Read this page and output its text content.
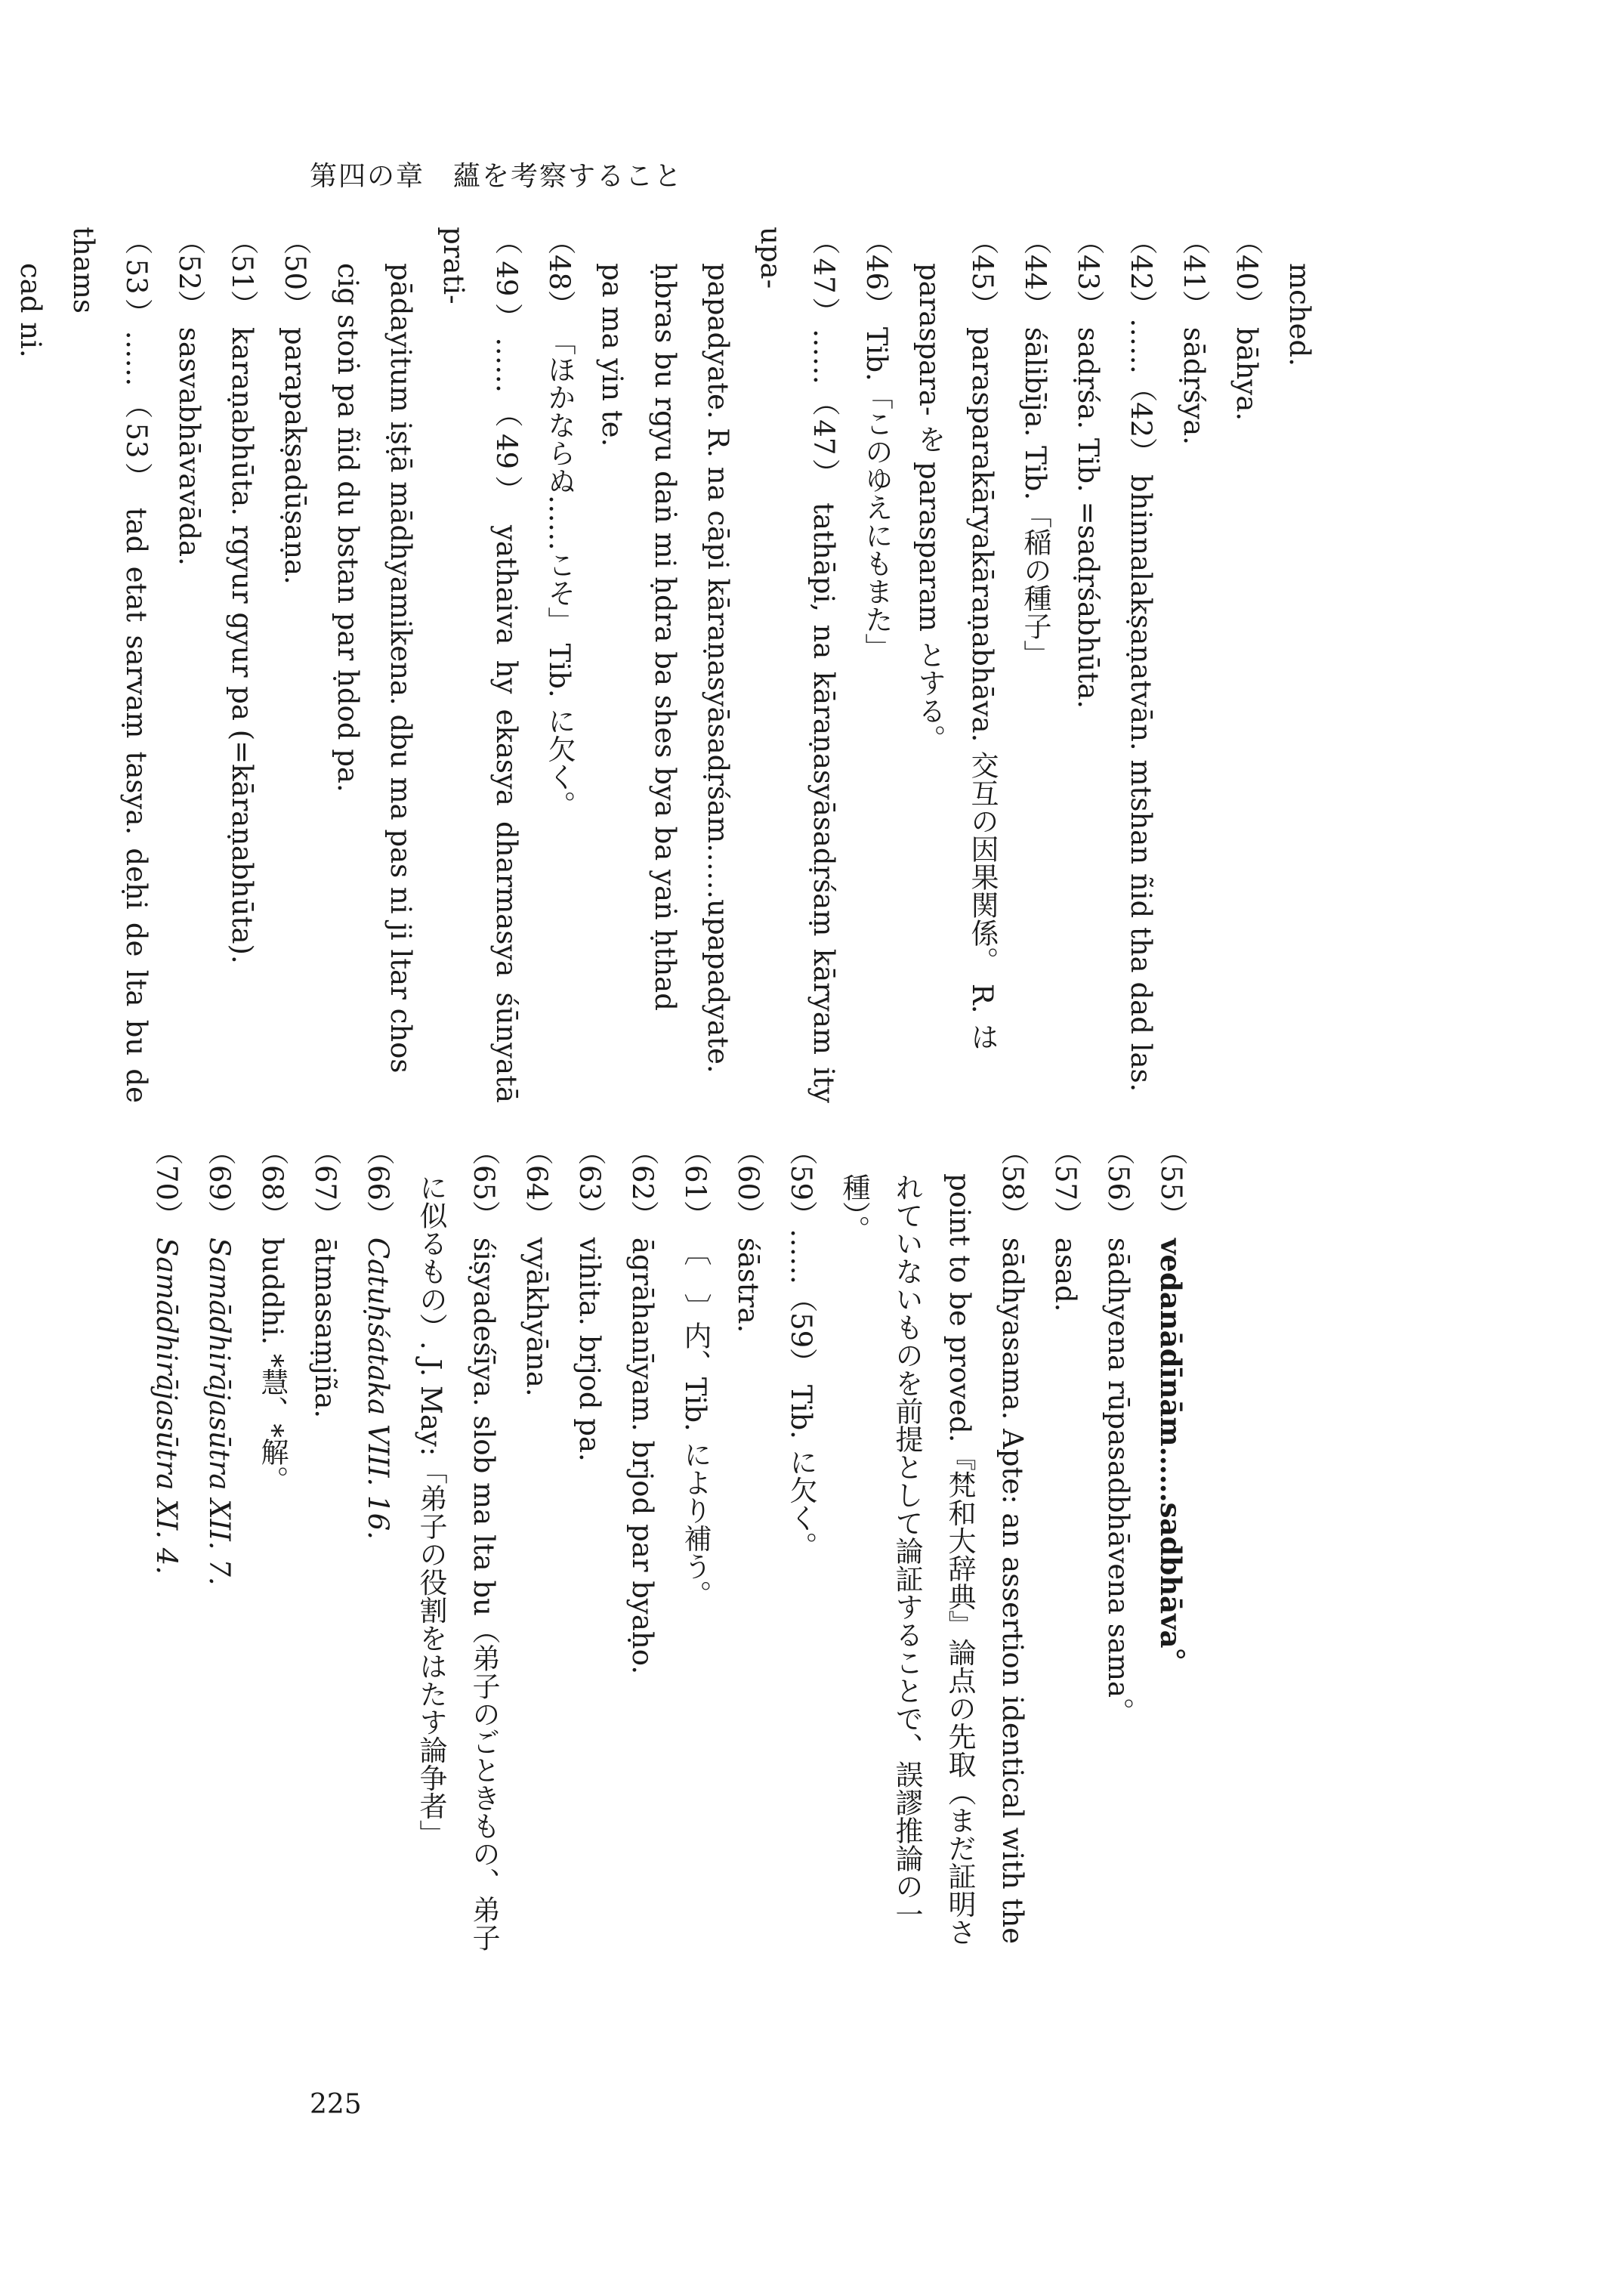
第四の章　蘊を考察すること
mched.
（40） bāhya.
（41） sādṛśya.
（42）……（42） bhinnalakṣaṇatvān. mtshan ñid tha dad las.
（43） sadṛśa. Tib. =sadṛśabhūta.
（44） śālibīja. Tib.「稲の種子」
（45） parasparakāryakāraṇabhāva. 交互の因果関係。 R. は
paraspara- を parasparam とする。
（46） Tib.「このゆえにもまた」
（47）……（47） tathāpi, na kāraṇasyāsadṛśaṃ kāryam ity upa-
papadyate. R. na cāpi kāraṇasyāsadṛśam……upapadyate.
ḥbras bu rgyu daṅ mi ḥdra ba shes bya ba yaṅ ḥthad
pa ma yin te.
（48） 「ほかならぬ……こそ」 Tib. に欠く。
（49）……（49） yathaiva hy ekasya dharmasya śūnyatā prati-
pādayitum iṣṭā mādhyamikena. dbu ma pas ni ji ltar chos
cig stoṅ pa ñid du bstan par ḥdod pa.
（50） parapakṣadūṣaṇa.
（51） karaṇabhūta. rgyur gyur pa (=kāraṇabhūta).
（52） sasvabhāvavāda.
（53）……（53） tad etat sarvaṃ tasya. deḥi de lta bu de thams
cad ni.
（55） vedanādīnām……sadbhāva。
（56） sādhyena rūpasadbhāvena sama。
（57） asad.
（58） sādhyasama. Apte: an assertion identical with the
point to be proved.『梵和大辞典』論点の先取（まだ証明さ
れていないものを前提として論証することで、誤謬推論の一
種）。
（59）……（59） Tib. に欠く。
（60） śāstra.
（61） 〔　〕内、Tib. により補う。
（62） āgrāhanīyam. brjod par byaḥo.
（63） vihita. brjod pa.
（64） vyākhyāna.
（65） śiṣyadeśīya. slob ma lta bu（弟子のごときもの、弟子
に似るもの）. J. May:「弟子の役割をはたす論争者」
（66） Catuḥśataka VIII. 16.
（67） ātmasaṃjña.
（68） buddhi. *慧、*解。
（69） Samādhirājasūtra XII. 7.
（70） Samādhirājasūtra XI. 4.
225
